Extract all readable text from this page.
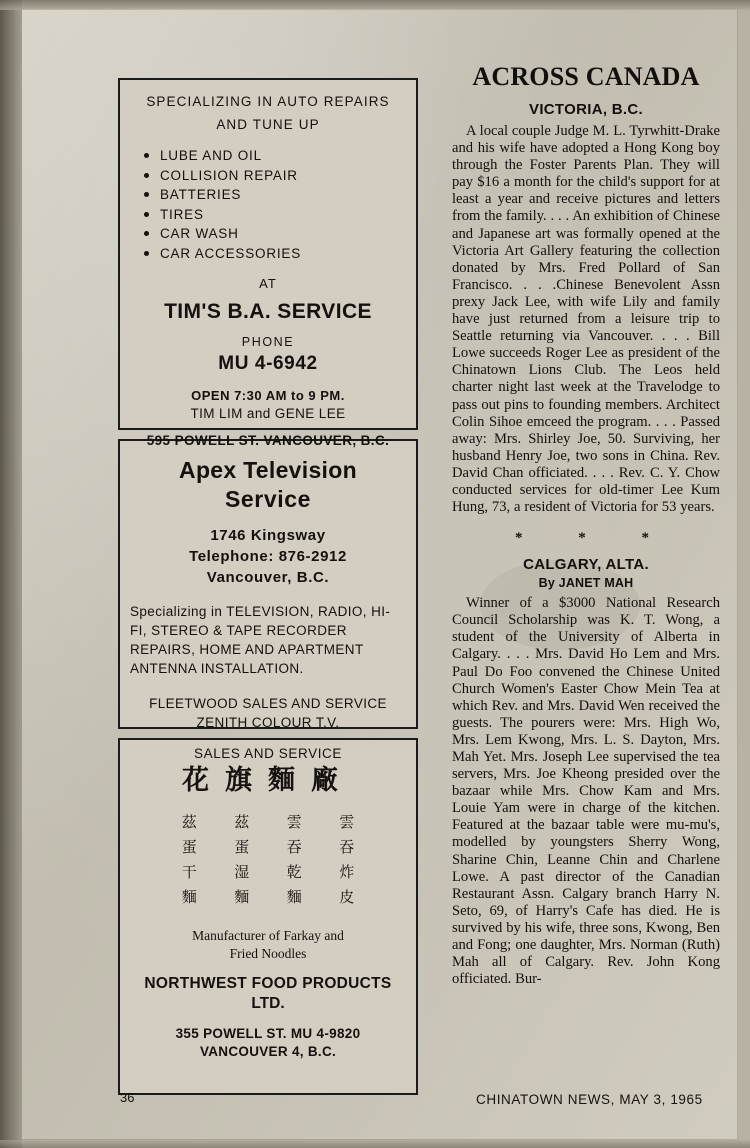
SPECIALIZING IN AUTO REPAIRS
AND TUNE UP
LUBE AND OIL
COLLISION REPAIR
BATTERIES
TIRES
CAR WASH
CAR ACCESSORIES
AT
TIM'S B.A. SERVICE
PHONE
MU 4-6942
OPEN 7:30 AM to 9 PM.
TIM LIM and GENE LEE
595 POWELL ST. VANCOUVER, B.C.
Apex Television
Service
1746 Kingsway
Telephone: 876-2912
Vancouver, B.C.
Specializing in TELEVISION, RADIO, HI-FI, STEREO & TAPE RECORDER REPAIRS, HOME AND APARTMENT ANTENNA INSTALLATION.
FLEETWOOD SALES AND SERVICE
ZENITH COLOUR T.V.
SALES AND SERVICE
花旗麵廠
茲	茲	雲	雲
蛋	蛋	吞	吞
干	湿	乾	炸
麵	麵	麵	皮
Manufacturer of Farkay and
Fried Noodles
NORTHWEST FOOD PRODUCTS
LTD.
355 POWELL ST. MU 4-9820
VANCOUVER 4, B.C.
ACROSS CANADA
VICTORIA, B.C.
A local couple Judge M. L. Tyrwhitt-Drake and his wife have adopted a Hong Kong boy through the Foster Parents Plan. They will pay $16 a month for the child's support for at least a year and receive pictures and letters from the family. . . . An exhibition of Chinese and Japanese art was formally opened at the Victoria Art Gallery featuring the collection donated by Mrs. Fred Pollard of San Francisco. . . .Chinese Benevolent Assn prexy Jack Lee, with wife Lily and family have just returned from a leisure trip to Seattle returning via Vancouver. . . . Bill Lowe succeeds Roger Lee as president of the Chinatown Lions Club. The Leos held charter night last week at the Travelodge to pass out pins to founding members. Architect Colin Sihoe emceed the program. . . . Passed away: Mrs. Shirley Joe, 50. Surviving, her husband Henry Joe, two sons in China. Rev. David Chan officiated. . . . Rev. C. Y. Chow conducted services for old-timer Lee Kum Hung, 73, a resident of Victoria for 53 years.
* * *
CALGARY, ALTA.
By JANET MAH
Winner of a $3000 National Research Council Scholarship was K. T. Wong, a student of the University of Alberta in Calgary. . . . Mrs. David Ho Lem and Mrs. Paul Do Foo convened the Chinese United Church Women's Easter Chow Mein Tea at which Rev. and Mrs. David Wen received the guests. The pourers were: Mrs. High Wo, Mrs. Lem Kwong, Mrs. L. S. Dayton, Mrs. Mah Yet. Mrs. Joseph Lee supervised the tea servers, Mrs. Joe Kheong presided over the bazaar while Mrs. Chow Kam and Mrs. Louie Yam were in charge of the kitchen. Featured at the bazaar table were mu-mu's, modelled by youngsters Sherry Wong, Sharine Chin, Leanne Chin and Charlene Lowe. A past director of the Canadian Restaurant Assn. Calgary branch Harry N. Seto, 69, of Harry's Cafe has died. He is survived by his wife, three sons, Kwong, Ben and Fong; one daughter, Mrs. Norman (Ruth) Mah all of Calgary. Rev. John Kong officiated. Bur-
36	CHINATOWN NEWS, MAY 3, 1965
